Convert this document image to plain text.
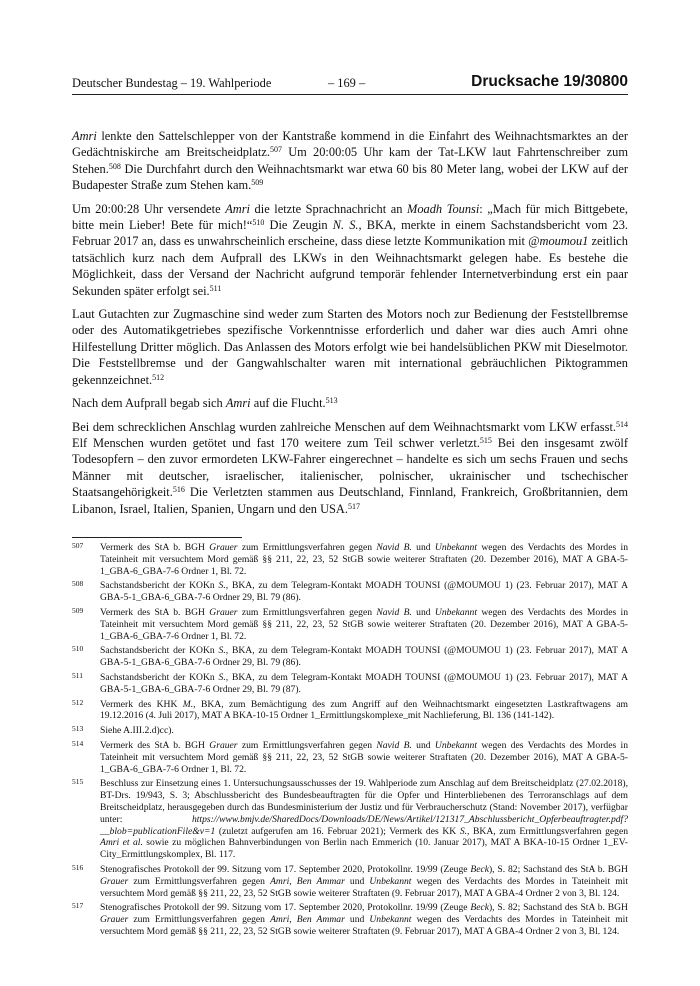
Deutscher Bundestag – 19. Wahlperiode	– 169 –	Drucksache 19/30800

Amri lenkte den Sattelschlepper von der Kantstraße kommend in die Einfahrt des Weihnachtsmarktes an der Gedächtniskirche am Breitscheidplatz.$^{507}$ Um 20:00:05 Uhr kam der Tat-LKW laut Fahrtenschreiber zum Stehen.$^{508}$ Die Durchfahrt durch den Weihnachtsmarkt war etwa 60 bis 80 Meter lang, wobei der LKW auf der Budapester Straße zum Stehen kam.$^{509}$

Um 20:00:28 Uhr versendete Amri die letzte Sprachnachricht an Moadh Tounsi: „Mach für mich Bittgebete, bitte mein Lieber! Bete für mich!“$^{510}$ Die Zeugin N. S., BKA, merkte in einem Sachstandsbericht vom 23. Februar 2017 an, dass es unwahrscheinlich erscheine, dass diese letzte Kommunikation mit @moumou1 zeitlich tatsächlich kurz nach dem Aufprall des LKWs in den Weihnachtsmarkt gelegen habe. Es bestehe die Möglichkeit, dass der Versand der Nachricht aufgrund temporär fehlender Internetverbindung erst ein paar Sekunden später erfolgt sei.$^{511}$

Laut Gutachten zur Zugmaschine sind weder zum Starten des Motors noch zur Bedienung der Feststellbremse oder des Automatikgetriebes spezifische Vorkenntnisse erforderlich und daher war dies auch Amri ohne Hilfestellung Dritter möglich. Das Anlassen des Motors erfolgt wie bei handelsüblichen PKW mit Dieselmotor. Die Feststellbremse und der Gangwahlschalter waren mit international gebräuchlichen Piktogrammen gekennzeichnet.$^{512}$

Nach dem Aufprall begab sich Amri auf die Flucht.$^{513}$

Bei dem schrecklichen Anschlag wurden zahlreiche Menschen auf dem Weihnachtsmarkt vom LKW erfasst.$^{514}$ Elf Menschen wurden getötet und fast 170 weitere zum Teil schwer verletzt.$^{515}$ Bei den insgesamt zwölf Todesopfern – den zuvor ermordeten LKW-Fahrer eingerechnet – handelte es sich um sechs Frauen und sechs Männer mit deutscher, israelischer, italienischer, polnischer, ukrainischer und tschechischer Staatsangehörigkeit.$^{516}$ Die Verletzten stammen aus Deutschland, Finnland, Frankreich, Großbritannien, dem Libanon, Israel, Italien, Spanien, Ungarn und den USA.$^{517}$

507 Vermerk des StA b. BGH Grauer zum Ermittlungsverfahren gegen Navid B. und Unbekannt wegen des Verdachts des Mordes in Tateinheit mit versuchtem Mord gemäß §§ 211, 22, 23, 52 StGB sowie weiterer Straftaten (20. Dezember 2016), MAT A GBA-5-1_GBA-6_GBA-7-6 Ordner 1, Bl. 72.
508 Sachstandsbericht der KOKn S., BKA, zu dem Telegram-Kontakt MOADH TOUNSI (@MOUMOU 1) (23. Februar 2017), MAT A GBA-5-1_GBA-6_GBA-7-6 Ordner 29, Bl. 79 (86).
509 Vermerk des StA b. BGH Grauer zum Ermittlungsverfahren gegen Navid B. und Unbekannt wegen des Verdachts des Mordes in Tateinheit mit versuchtem Mord gemäß §§ 211, 22, 23, 52 StGB sowie weiterer Straftaten (20. Dezember 2016), MAT A GBA-5-1_GBA-6_GBA-7-6 Ordner 1, Bl. 72.
510 Sachstandsbericht der KOKn S., BKA, zu dem Telegram-Kontakt MOADH TOUNSI (@MOUMOU 1) (23. Februar 2017), MAT A GBA-5-1_GBA-6_GBA-7-6 Ordner 29, Bl. 79 (86).
511 Sachstandsbericht der KOKn S., BKA, zu dem Telegram-Kontakt MOADH TOUNSI (@MOUMOU 1) (23. Februar 2017), MAT A GBA-5-1_GBA-6_GBA-7-6 Ordner 29, Bl. 79 (87).
512 Vermerk des KHK M., BKA, zum Bemächtigung des zum Angriff auf den Weihnachtsmarkt eingesetzten Lastkraftwagens am 19.12.2016 (4. Juli 2017), MAT A BKA-10-15 Ordner 1_Ermittlungskomplexe_mit Nachlieferung, Bl. 136 (141-142).
513 Siehe A.III.2.d)cc).
514 Vermerk des StA b. BGH Grauer zum Ermittlungsverfahren gegen Navid B. und Unbekannt wegen des Verdachts des Mordes in Tateinheit mit versuchtem Mord gemäß §§ 211, 22, 23, 52 StGB sowie weiterer Straftaten (20. Dezember 2016), MAT A GBA-5-1_GBA-6_GBA-7-6 Ordner 1, Bl. 72.
515 Beschluss zur Einsetzung eines 1. Untersuchungsausschusses der 19. Wahlperiode zum Anschlag auf dem Breitscheidplatz (27.02.2018), BT-Drs. 19/943, S. 3; Abschlussbericht des Bundesbeauftragten für die Opfer und Hinterbliebenen des Terroranschlags auf dem Breitscheidplatz, herausgegeben durch das Bundesministerium der Justiz und für Verbraucherschutz (Stand: November 2017), verfügbar unter: https://www.bmjv.de/SharedDocs/Downloads/DE/News/Artikel/121317_Abschlussbericht_Opferbeauftragter.pdf?__blob=publicationFile&v=1 (zuletzt aufgerufen am 16. Februar 2021); Vermerk des KK S., BKA, zum Ermittlungsverfahren gegen Amri et al. sowie zu möglichen Bahnverbindungen von Berlin nach Emmerich (10. Januar 2017), MAT A BKA-10-15 Ordner 1_EV-City_Ermittlungskomplex, Bl. 117.
516 Stenografisches Protokoll der 99. Sitzung vom 17. September 2020, Protokollnr. 19/99 (Zeuge Beck), S. 82; Sachstand des StA b. BGH Grauer zum Ermittlungsverfahren gegen Amri, Ben Ammar und Unbekannt wegen des Verdachts des Mordes in Tateinheit mit versuchtem Mord gemäß §§ 211, 22, 23, 52 StGB sowie weiterer Straftaten (9. Februar 2017), MAT A GBA-4 Ordner 2 von 3, Bl. 124.
517 Stenografisches Protokoll der 99. Sitzung vom 17. September 2020, Protokollnr. 19/99 (Zeuge Beck), S. 82; Sachstand des StA b. BGH Grauer zum Ermittlungsverfahren gegen Amri, Ben Ammar und Unbekannt wegen des Verdachts des Mordes in Tateinheit mit versuchtem Mord gemäß §§ 211, 22, 23, 52 StGB sowie weiterer Straftaten (9. Februar 2017), MAT A GBA-4 Ordner 2 von 3, Bl. 124.
